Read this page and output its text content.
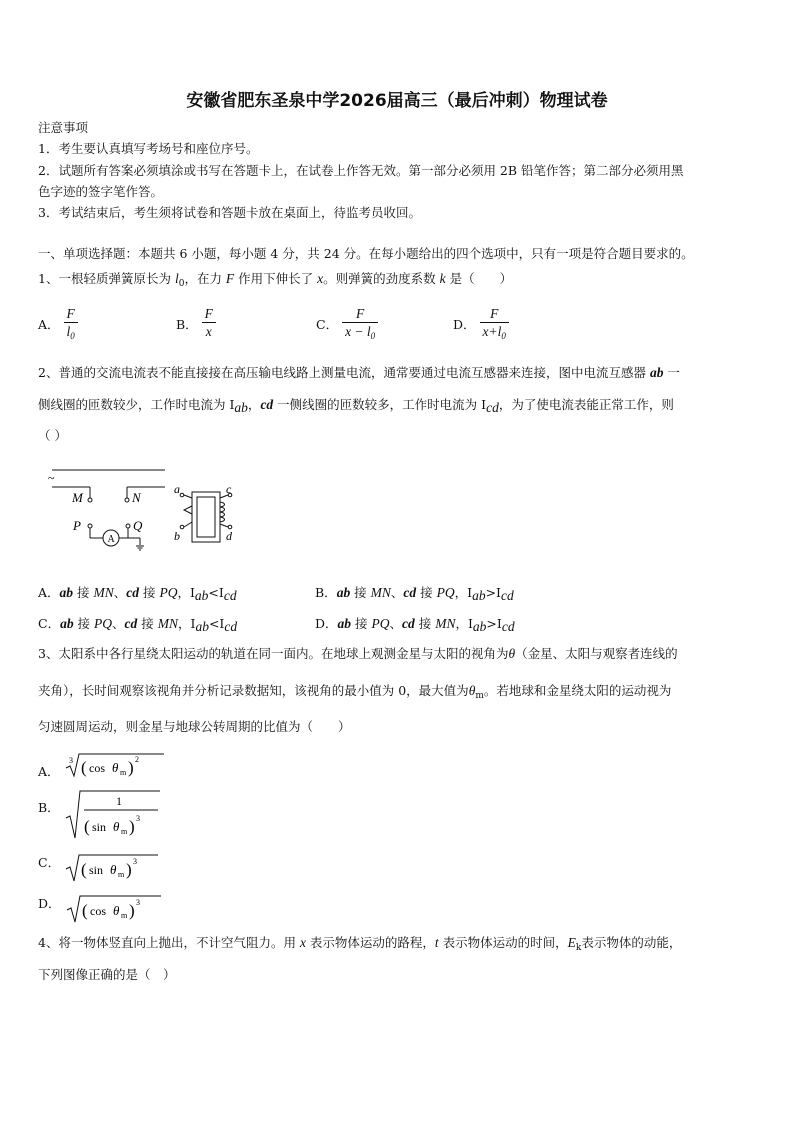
安徽省肥东圣泉中学2026届高三（最后冲刺）物理试卷
注意事项
1．考生要认真填写考场号和座位序号。
2．试题所有答案必须填涂或书写在答题卡上，在试卷上作答无效。第一部分必须用 2B 铅笔作答；第二部分必须用黑
色字迹的签字笔作答。
3．考试结束后，考生须将试卷和答题卡放在桌面上，待监考员收回。
一、单项选择题：本题共 6 小题，每小题 4 分，共 24 分。在每小题给出的四个选项中，只有一项是符合题目要求的。
1、一根轻质弹簧原长为 $l_0$，在力 F 作用下伸长了 x。则弹簧的劲度系数 k 是（　　）
A． $\frac{F}{l_0}$	B． $\frac{F}{x}$	C． $\frac{F}{x - l_0}$	D． $\frac{F}{x+l_0}$
2、普通的交流电流表不能直接接在高压输电线路上测量电流，通常要通过电流互感器来连接，图中电流互感器 ab 一
侧线圈的匝数较少，工作时电流为 $I_{ab}$，cd 一侧线圈的匝数较多，工作时电流为 $I_{cd}$，为了使电流表能正常工作，则
（ ）
~
M	N
P	Q
A
a
b
c
d
A．ab 接 MN、cd 接 PQ，$I_{ab}<I_{cd}$	B．ab 接 MN、cd 接 PQ，$I_{ab}>I_{cd}$
C．ab 接 PQ、cd 接 MN，$I_{ab}<I_{cd}$	D．ab 接 PQ、cd 接 MN，$I_{ab}>I_{cd}$
3、太阳系中各行星绕太阳运动的轨道在同一面内。在地球上观测金星与太阳的视角为θ（金星、太阳与观察者连线的
夹角），长时间观察该视角并分析记录数据知，该视角的最小值为 0，最大值为$\theta_m$。若地球和金星绕太阳的运动视为
匀速圆周运动，则金星与地球公转周期的比值为（　　）
A．
3 ( cos θ m ) 2
B．	1
( sin θ m ) 3
C． ( sin θ m ) 3
D． ( cos θ m ) 3
4、将一物体竖直向上抛出，不计空气阻力。用 x 表示物体运动的路程，t 表示物体运动的时间，$E_k$表示物体的动能，
下列图像正确的是（　）
